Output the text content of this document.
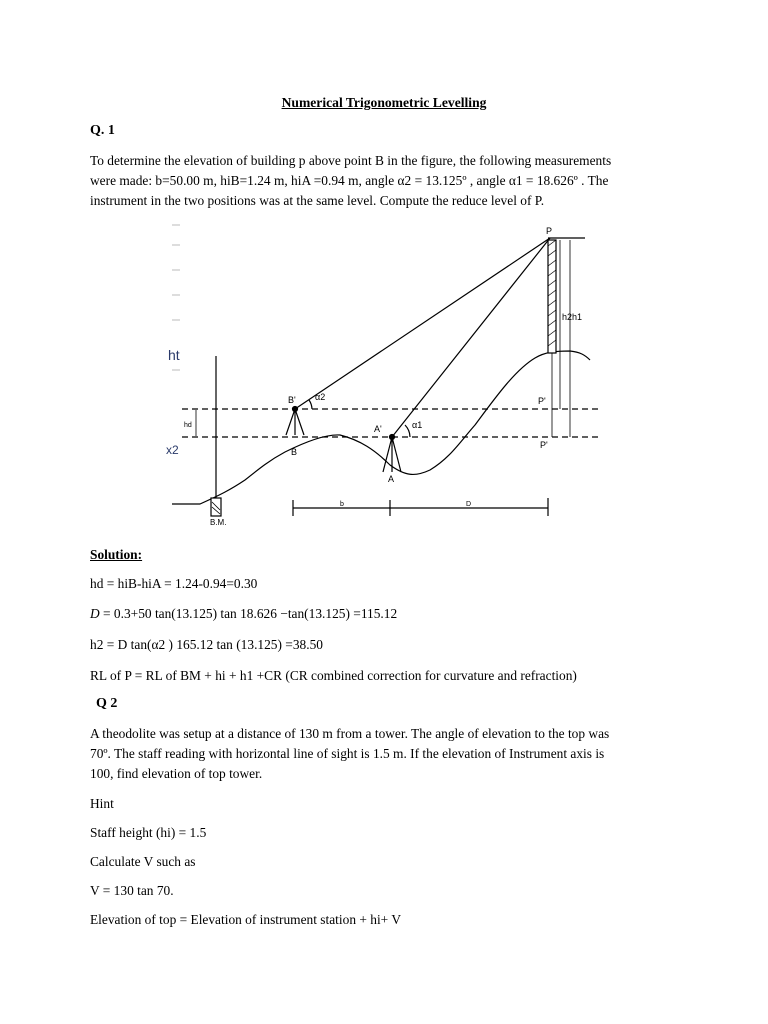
Numerical Trigonometric Levelling
Q. 1
To determine the elevation of building p above point B in the figure, the following measurements
were made: b=50.00 m, hiB=1.24 m, hiA =0.94 m, angle α2 = 13.125º , angle α1 = 18.626º . The
instrument in the two positions was at the same level. Compute the reduce level of P.
P
h2 h1
P'
P'
B' α2
B
A'	α1
A
hd
b	D
B.M.
ht
x2
Solution:
hd = hiB-hiA = 1.24-0.94=0.30
D = 0.3+50 tan(13.125) tan 18.626 −tan(13.125) =115.12
h2 = D tan(α2 ) 165.12 tan (13.125) =38.50
RL of P = RL of BM + hi + h1 +CR (CR combined correction for curvature and refraction)
Q 2
A theodolite was setup at a distance of 130 m from a tower. The angle of elevation to the top was
70º. The staff reading with horizontal line of sight is 1.5 m. If the elevation of Instrument axis is
100, find elevation of top tower.
Hint
Staff height (hi) = 1.5
Calculate V such as
V = 130 tan 70.
Elevation of top = Elevation of instrument station + hi+ V
